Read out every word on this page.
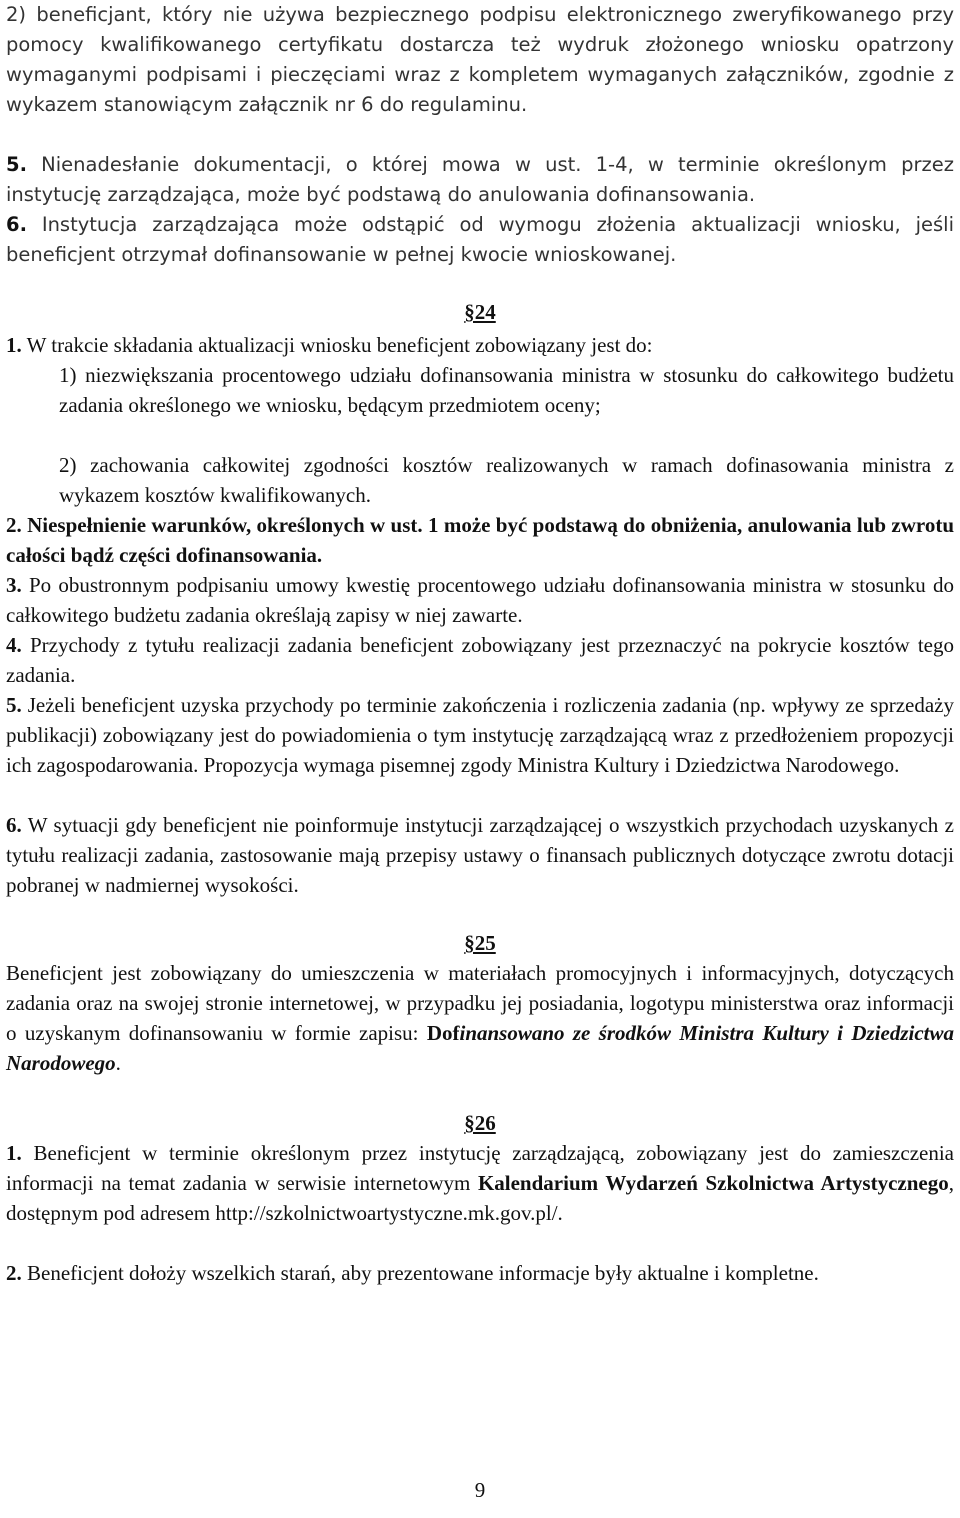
2) beneficjant, który nie używa bezpiecznego podpisu elektronicznego zweryfikowanego przy pomocy kwalifikowanego certyfikatu dostarcza też wydruk złożonego wniosku opatrzony wymaganymi podpisami i pieczęciami wraz z kompletem wymaganych załączników, zgodnie z wykazem stanowiącym załącznik nr 6 do regulaminu.

5. Nienadesłanie dokumentacji, o której mowa w ust. 1-4, w terminie określonym przez instytucję zarządzająca, może być podstawą do anulowania dofinansowania.

6. Instytucja zarządzająca może odstąpić od wymogu złożenia aktualizacji wniosku, jeśli beneficjent otrzymał dofinansowanie w pełnej kwocie wnioskowanej.

§24

1. W trakcie składania aktualizacji wniosku beneficjent zobowiązany jest do:

1) niezwiększania procentowego udziału dofinansowania ministra w stosunku do całkowitego budżetu zadania określonego we wniosku, będącym przedmiotem oceny;

2) zachowania całkowitej zgodności kosztów realizowanych w ramach dofinasowania ministra z wykazem kosztów kwalifikowanych.

2. Niespełnienie warunków, określonych w ust. 1 może być podstawą do obniżenia, anulowania lub zwrotu całości bądź części dofinansowania.

3. Po obustronnym podpisaniu umowy kwestię procentowego udziału dofinansowania ministra w stosunku do całkowitego budżetu zadania określają zapisy w niej zawarte.

4. Przychody z tytułu realizacji zadania beneficjent zobowiązany jest przeznaczyć na pokrycie kosztów tego zadania.

5. Jeżeli beneficjent uzyska przychody po terminie zakończenia i rozliczenia zadania (np. wpływy ze sprzedaży publikacji) zobowiązany jest do powiadomienia o tym instytucję zarządzającą wraz z przedłożeniem propozycji ich zagospodarowania. Propozycja wymaga pisemnej zgody Ministra Kultury i Dziedzictwa Narodowego.

6. W sytuacji gdy beneficjent nie poinformuje instytucji zarządzającej o wszystkich przychodach uzyskanych z tytułu realizacji zadania, zastosowanie mają przepisy ustawy o finansach publicznych dotyczące zwrotu dotacji pobranej w nadmiernej wysokości.

§25

Beneficjent jest zobowiązany do umieszczenia w materiałach promocyjnych i informacyjnych, dotyczących zadania oraz na swojej stronie internetowej, w przypadku jej posiadania, logotypu ministerstwa oraz informacji o uzyskanym dofinansowaniu w formie zapisu: Dofinansowano ze środków Ministra Kultury i Dziedzictwa Narodowego.

§26

1. Beneficjent w terminie określonym przez instytucję zarządzającą, zobowiązany jest do zamieszczenia informacji na temat zadania w serwisie internetowym Kalendarium Wydarzeń Szkolnictwa Artystycznego, dostępnym pod adresem http://szkolnictwoartystyczne.mk.gov.pl/.

2. Beneficjent dołoży wszelkich starań, aby prezentowane informacje były aktualne i kompletne.

9
